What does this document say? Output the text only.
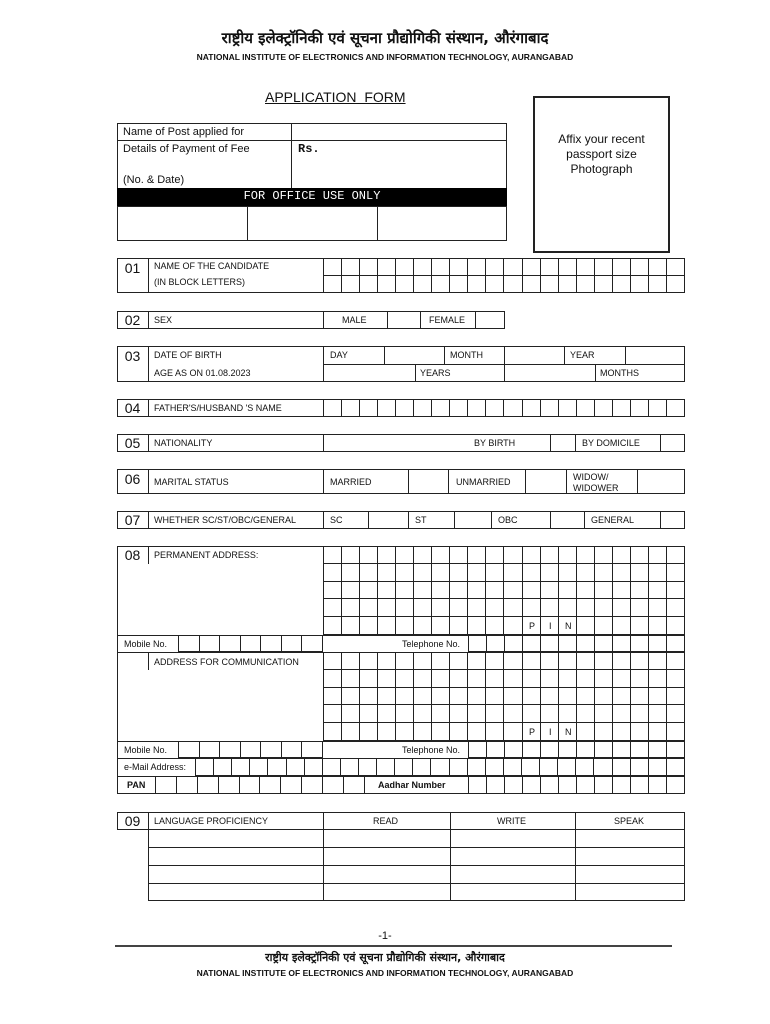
राष्ट्रीय इलेक्ट्रॉनिकी एवं सूचना प्रौद्योगिकी संस्थान, औरंगाबाद
NATIONAL INSTITUTE OF ELECTRONICS AND INFORMATION TECHNOLOGY, AURANGABAD
APPLICATION  FORM
Name of Post applied for
Details of Payment of Fee	Rs.
(No. & Date)
FOR OFFICE USE ONLY
Affix your recent passport size Photograph
01	NAME OF THE CANDIDATE
(IN BLOCK LETTERS)
02	SEX	MALE	FEMALE
03	DATE OF BIRTH
AGE AS ON 01.08.2023
DAY	MONTH	YEAR
YEARS	MONTHS
04	FATHER'S/HUSBAND 'S NAME
05	NATIONALITY	BY BIRTH	BY DOMICILE
06	MARITAL STATUS	MARRIED	UNMARRIED	WIDOW/
WIDOWER
07	WHETHER SC/ST/OBC/GENERAL	SC	ST	OBC	GENERAL
08	PERMANENT ADDRESS:
P I N
Mobile No.	Telephone No.
ADDRESS FOR COMMUNICATION
P I N
Mobile No.	Telephone No.
e-Mail Address:
PAN	Aadhar Number
09	LANGUAGE PROFICIENCY	READ	WRITE	SPEAK
-1-
राष्ट्रीय इलेक्ट्रॉनिकी एवं सूचना प्रौद्योगिकी संस्थान, औरंगाबाद
NATIONAL INSTITUTE OF ELECTRONICS AND INFORMATION TECHNOLOGY, AURANGABAD
